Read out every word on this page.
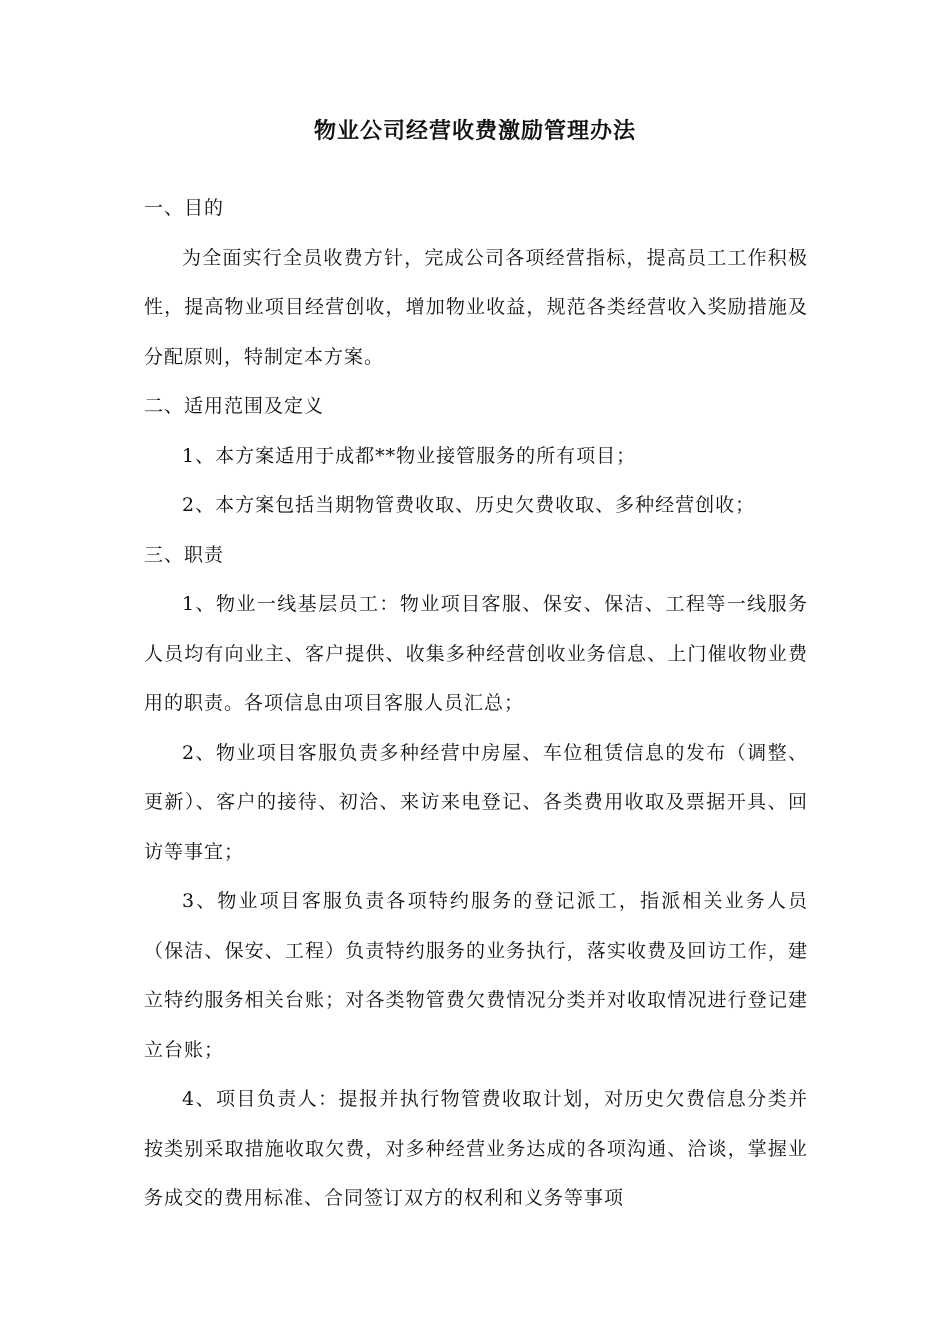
物业公司经营收费激励管理办法

一、目的

为全面实行全员收费方针，完成公司各项经营指标，提高员工工作积极性，提高物业项目经营创收，增加物业收益，规范各类经营收入奖励措施及分配原则，特制定本方案。

二、适用范围及定义

1、本方案适用于成都**物业接管服务的所有项目；

2、本方案包括当期物管费收取、历史欠费收取、多种经营创收；

三、职责

1、物业一线基层员工：物业项目客服、保安、保洁、工程等一线服务人员均有向业主、客户提供、收集多种经营创收业务信息、上门催收物业费用的职责。各项信息由项目客服人员汇总；

2、物业项目客服负责多种经营中房屋、车位租赁信息的发布（调整、更新）、客户的接待、初洽、来访来电登记、各类费用收取及票据开具、回访等事宜；

3、物业项目客服负责各项特约服务的登记派工，指派相关业务人员（保洁、保安、工程）负责特约服务的业务执行，落实收费及回访工作，建立特约服务相关台账；对各类物管费欠费情况分类并对收取情况进行登记建立台账；

4、项目负责人：提报并执行物管费收取计划，对历史欠费信息分类并按类别采取措施收取欠费，对多种经营业务达成的各项沟通、洽谈，掌握业务成交的费用标准、合同签订双方的权利和义务等事项
